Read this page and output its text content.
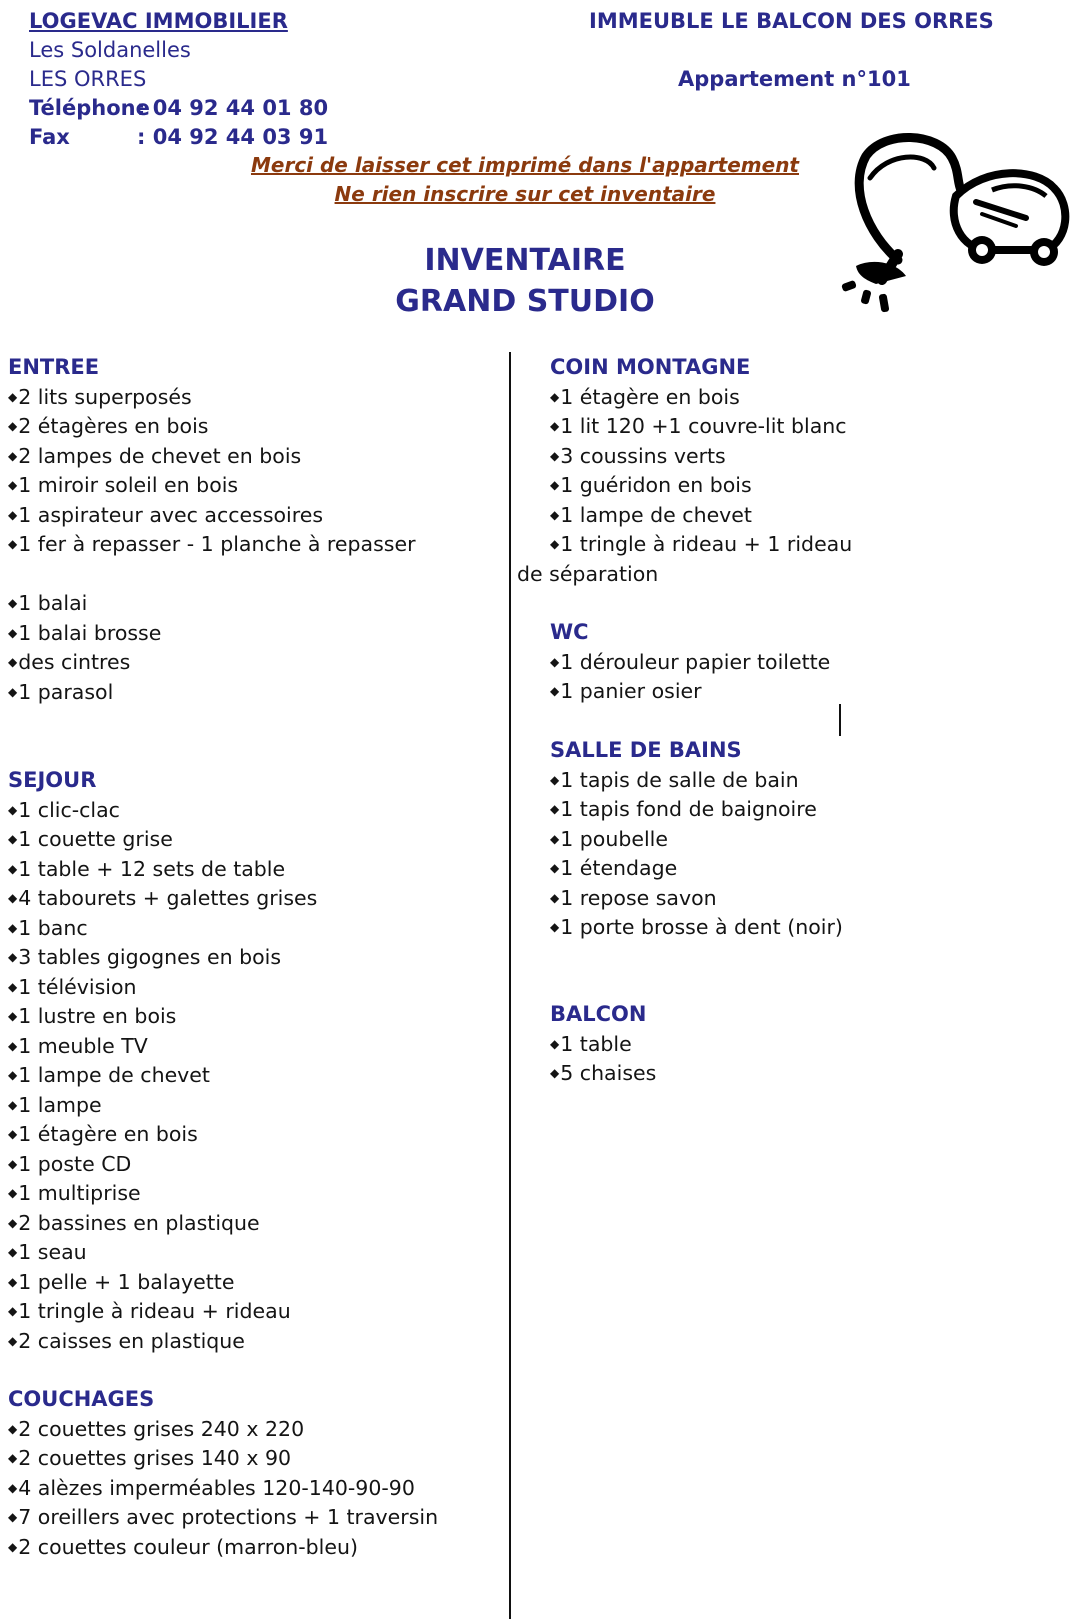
LOGEVAC IMMOBILIER
Les Soldanelles
LES ORRES
Téléphone
: 04 92 44 01 80
Fax	: 04 92 44 03 91
IMMEUBLE LE BALCON DES ORRES
Appartement n°101
Merci de laisser cet imprimé dans l'appartement
Ne rien inscrire sur cet inventaire
INVENTAIRE
GRAND STUDIO
ENTREE
◆2 lits superposés
◆2 étagères en bois
◆2 lampes de chevet en bois
◆1 miroir soleil en bois
◆1 aspirateur avec accessoires
◆1 fer à repasser - 1 planche à repasser
◆1 balai
◆1 balai brosse
◆des cintres
◆1 parasol
SEJOUR
◆1 clic-clac
◆1 couette grise
◆1 table + 12 sets de table
◆4 tabourets + galettes grises
◆1 banc
◆3 tables gigognes en bois
◆1 télévision
◆1 lustre en bois
◆1 meuble TV
◆1 lampe de chevet
◆1 lampe
◆1 étagère en bois
◆1 poste CD
◆1 multiprise
◆2 bassines en plastique
◆1 seau
◆1 pelle + 1 balayette
◆1 tringle à rideau + rideau
◆2 caisses en plastique
COUCHAGES
◆2 couettes grises 240 x 220
◆2 couettes grises 140 x 90
◆4 alèzes imperméables 120-140-90-90
◆7 oreillers avec protections + 1 traversin
◆2 couettes couleur (marron-bleu)
COIN MONTAGNE
◆1 étagère en bois
◆1 lit 120 +1 couvre-lit blanc
◆3 coussins verts
◆1 guéridon en bois
◆1 lampe de chevet
◆1 tringle à rideau + 1 rideau
de séparation
WC
◆1 dérouleur papier toilette
◆1 panier osier
SALLE DE BAINS
◆1 tapis de salle de bain
◆1 tapis fond de baignoire
◆1 poubelle
◆1 étendage
◆1 repose savon
◆1 porte brosse à dent (noir)
BALCON
◆1 table
◆5 chaises
